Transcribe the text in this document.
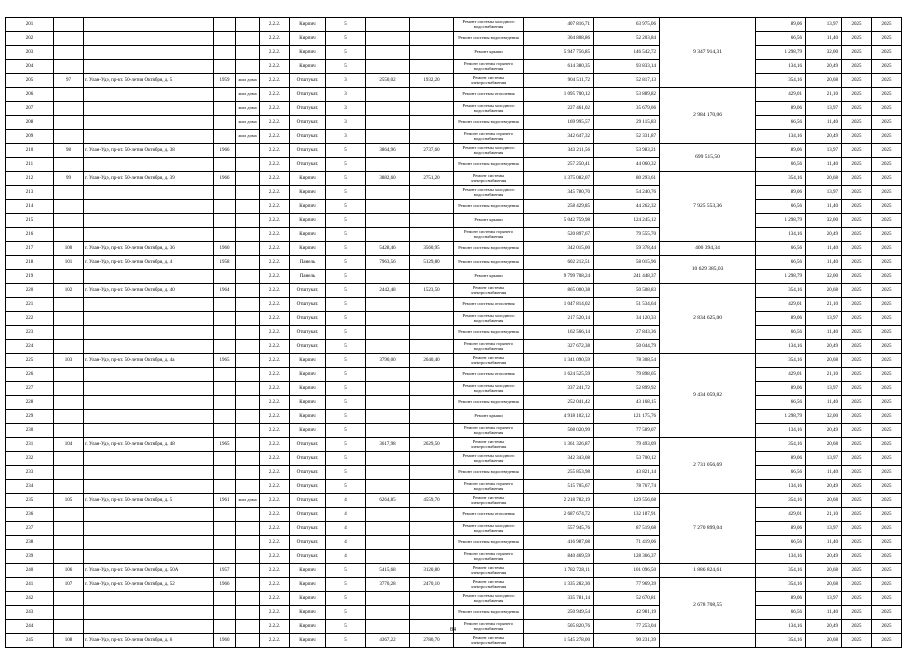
201					2.2.2.	Кирпич	5			Ремонт системы холодного водоснабжения	407 816,71	63 975,06	9 347 914,31	89,06	13,97	2025	2025
202					2.2.2.	Кирпич	5			Ремонт системы водоотведения	304 808,86	52 203,84		66,56	11,40	2025	2025
203					2.2.2.	Кирпич	5			Ремонт крыши	5 947 756,85	146 542,72		1 298,79	32,00	2025	2025
204					2.2.2.	Кирпич	5			Ремонт системы горячего водоснабжения	614 380,35	93 833,14		134,16	20,49	2025	2025
205	97	г. Улан-Удэ, пр-кт. 50-летия Октября, д. 5	1959	жил дома	2.2.2.	Отштукат.	3	2550,02	1932,20	Ремонт системы электроснабжения	904 511,72	52 817,13		354,16	20,68	2025	2025
206				жил дома	2.2.2.	Отштукат.	3			Ремонт системы отопления	1 095 700,12	53 889,82	2 984 170,06	429,01	21,10	2025	2025
207				жил дома	2.2.2.	Отштукат.	3			Ремонт системы холодного водоснабжения	227 461,02	35 679,06		89,06	13,97	2025	2025
208				жил дома	2.2.2.	Отштукат.	3			Ремонт системы водоотведения	169 995,57	29 115,83		66,56	11,40	2025	2025
209				жил дома	2.2.2.	Отштукат.	3			Ремонт системы горячего водоснабжения	342 647,32	52 331,87		134,16	20,49	2025	2025
210	98	г. Улан-Удэ, пр-кт. 50-летия Октября, д. 38	1966		2.2.2.	Отштукат.	5	3864,96	2737,60	Ремонт системы холодного водоснабжения	343 211,56	53 983,21	699 515,50	89,06	13,97	2025	2025
211					2.2.2.	Отштукат.	5			Ремонт системы водоотведения	257 250,41	44 060,32		66,56	11,40	2025	2025
212	99	г. Улан-Удэ, пр-кт. 50-летия Октября, д. 39	1966		2.2.2.	Кирпич	5	3882,60	2751,20	Ремонт системы электроснабжения	1 375 082,07	80 293,61	7 925 553,36	354,16	20,68	2025	2025
213					2.2.2.	Кирпич	5			Ремонт системы холодного водоснабжения	345 780,70	54 240,76		89,06	13,97	2025	2025
214					2.2.2.	Кирпич	5			Ремонт системы водоотведения	258 429,85	44 262,32		66,56	11,40	2025	2025
215					2.2.2.	Кирпич	5			Ремонт крыши	5 042 759,98	124 245,12		1 298,79	32,00	2025	2025
216					2.2.2.	Кирпич	5			Ремонт системы горячего водоснабжения	520 897,67	79 555,70		134,16	20,49	2025	2025
217	100	г. Улан-Удэ, пр-кт. 50-летия Октября, д. 36	1960		2.2.2.	Кирпич	5	5428,46	3560,95	Ремонт системы водоотведения	342 015,00	59 378,44	400 394,34	66,56	11,40	2025	2025
218	101	г. Улан-Удэ, пр-кт. 50-летия Октября, д. 4	1958		2.2.2.	Панель	5	7963,56	5129,80	Ремонт системы водоотведения	602 212,51	58 015,96	10 629 385,03	66,56	11,40	2025	2025
219					2.2.2.	Панель	5			Ремонт крыши	9 799 708,24	241 448,37		1 298,79	32,00	2025	2025
220	102	г. Улан-Удэ, пр-кт. 50-летия Октября, д. 40	1964		2.2.2.	Отштукат.	5	2442,48	1523,50	Ремонт системы электроснабжения	865 000,38	50 508,83	2 834 625,00	354,16	20,68	2025	2025
221					2.2.2.	Отштукат.	5			Ремонт системы отопления	1 047 814,02	51 534,64		429,01	21,10	2025	2025
222					2.2.2.	Отштукат.	5			Ремонт системы холодного водоснабжения	217 520,14	34 120,33		89,06	13,97	2025	2025
223					2.2.2.	Отштукат.	5			Ремонт системы водоотведения	162 566,14	27 843,36		66,56	11,40	2025	2025
224					2.2.2.	Отштукат.	5			Ремонт системы горячего водоснабжения	327 672,38	50 044,79		134,16	20,49	2025	2025
225	103	г. Улан-Удэ, пр-кт. 50-летия Октября, д. 4а	1965		2.2.2.	Кирпич	5	3790,00	2640,40	Ремонт системы электроснабжения	1 341 090,59	78 308,54	9 434 059,82	354,16	20,68	2025	2025
226					2.2.2.	Кирпич	5			Ремонт системы отопления	1 624 525,59	79 898,05		429,01	21,10	2025	2025
227					2.2.2.	Кирпич	5			Ремонт системы холодного водоснабжения	337 241,72	52 899,92		89,06	13,97	2025	2025
228					2.2.2.	Кирпич	5			Ремонт системы водоотведения	252 041,42	43 168,15		66,56	11,40	2025	2025
229					2.2.2.	Кирпич	5			Ремонт крыши	4 918 102,12	121 175,76		1 298,79	32,00	2025	2025
230					2.2.2.	Кирпич	5			Ремонт системы горячего водоснабжения	508 020,99	77 589,07		134,16	20,49	2025	2025
231	104	г. Улан-Удэ, пр-кт. 50-летия Октября, д. 48	1965		2.2.2.	Отштукат.	5	3617,98	2629,50	Ремонт системы электроснабжения	1 361 326,87	79 493,09	2 731 056,69	354,16	20,68	2025	2025
232					2.2.2.	Отштукат.	5			Ремонт системы холодного водоснабжения	342 343,08	53 700,12		89,06	13,97	2025	2025
233					2.2.2.	Отштукат.	5			Ремонт системы водоотведения	255 853,98	43 821,14		66,56	11,40	2025	2025
234					2.2.2.	Отштукат.	5			Ремонт системы горячего водоснабжения	515 705,67	78 767,74		134,16	20,49	2025	2025
235	105	г. Улан-Удэ, пр-кт. 50-летия Октября, д. 5	1961	жил дома	2.2.2.	Отштукат.	4	6264,85	4559,70	Ремонт системы электроснабжения	2 218 782,19	129 556,68	7 270 899,04	354,16	20,68	2025	2025
236					2.2.2.	Отштукат.	4			Ремонт системы отопления	2 687 674,72	132 187,91		429,01	21,10	2025	2025
237					2.2.2.	Отштукат.	4			Ремонт системы холодного водоснабжения	557 945,76	87 519,68		89,06	13,97	2025	2025
238					2.2.2.	Отштукат.	4			Ремонт системы водоотведения	416 987,08	71 419,06		66,56	11,40	2025	2025
239					2.2.2.	Отштукат.	4			Ремонт системы горячего водоснабжения	840 469,59	128 366,37		134,16	20,49	2025	2025
240	106	г. Улан-Удэ, пр-кт. 50-летия Октября, д. 50А	1957		2.2.2.	Кирпич	5	5415,68	3120,80	Ремонт системы электроснабжения	1 782 728,11	101 096,50	1 886 824,61	354,16	20,68	2025	2025
241	107	г. Улан-Удэ, пр-кт. 50-летия Октября, д. 52	1966		2.2.2.	Кирпич	5	3770,28	2470,10	Ремонт системы электроснабжения	1 335 282,30	77 969,39	2 678 708,55	354,16	20,68	2025	2025
242					2.2.2.	Кирпич	5			Ремонт системы холодного водоснабжения	335 781,14	52 670,81		89,06	13,97	2025	2025
243					2.2.2.	Кирпич	5			Ремонт системы водоотведения	250 949,54	42 981,19		66,56	11,40	2025	2025
244					2.2.2.	Кирпич	5			Ремонт системы горячего водоснабжения	505 820,76	77 253,04		134,16	20,49	2025	2025
245	108	г. Улан-Удэ, пр-кт. 50-летия Октября, д. 6	1960		2.2.2.	Кирпич	5	4367,22	2780,70	Ремонт системы электроснабжения	1 545 278,00	90 231,39		354,16	20,68	2025	2025
84
